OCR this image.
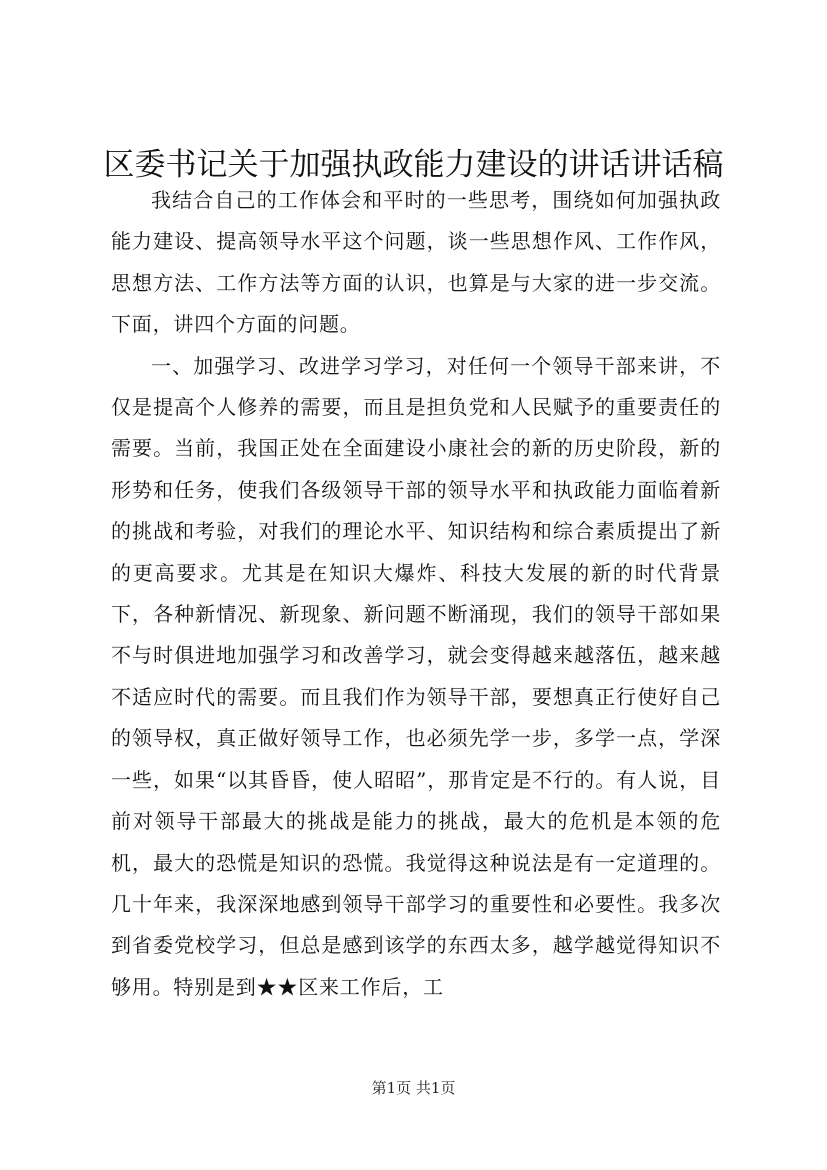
区委书记关于加强执政能力建设的讲话讲话稿

我结合自己的工作体会和平时的一些思考，围绕如何加强执政能力建设、提高领导水平这个问题，谈一些思想作风、工作作风，思想方法、工作方法等方面的认识，也算是与大家的进一步交流。下面，讲四个方面的问题。

一、加强学习、改进学习学习，对任何一个领导干部来讲，不仅是提高个人修养的需要，而且是担负党和人民赋予的重要责任的需要。当前，我国正处在全面建设小康社会的新的历史阶段，新的形势和任务，使我们各级领导干部的领导水平和执政能力面临着新的挑战和考验，对我们的理论水平、知识结构和综合素质提出了新的更高要求。尤其是在知识大爆炸、科技大发展的新的时代背景下，各种新情况、新现象、新问题不断涌现，我们的领导干部如果不与时俱进地加强学习和改善学习，就会变得越来越落伍，越来越不适应时代的需要。而且我们作为领导干部，要想真正行使好自己的领导权，真正做好领导工作，也必须先学一步，多学一点，学深一些，如果“以其昏昏，使人昭昭”，那肯定是不行的。有人说，目前对领导干部最大的挑战是能力的挑战，最大的危机是本领的危机，最大的恐慌是知识的恐慌。我觉得这种说法是有一定道理的。几十年来，我深深地感到领导干部学习的重要性和必要性。我多次到省委党校学习，但总是感到该学的东西太多，越学越觉得知识不够用。特别是到★★区来工作后，工

第1页 共1页
